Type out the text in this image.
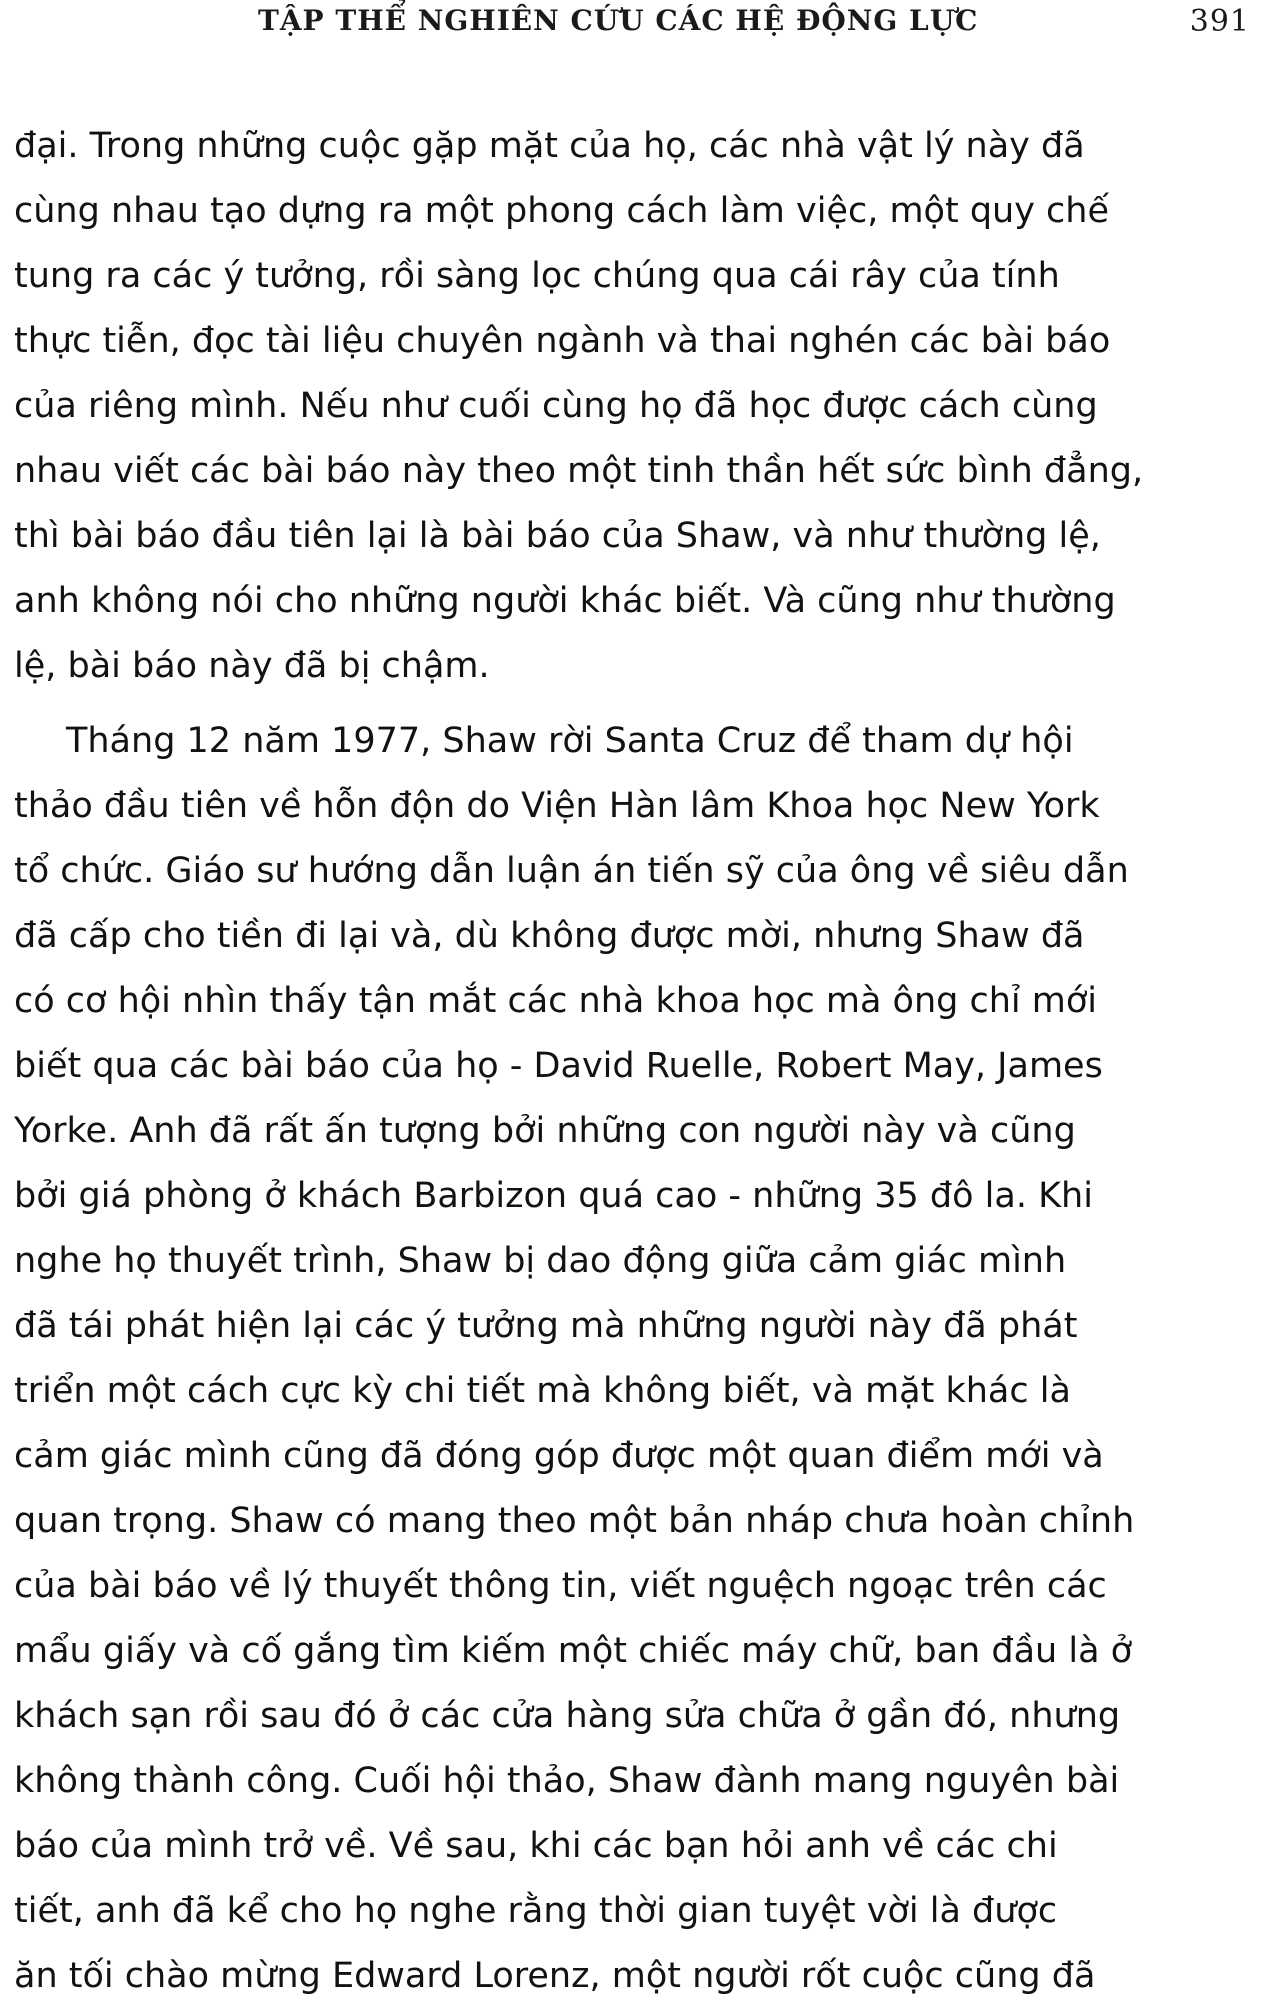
TẬP THỂ NGHIÊN CỨU CÁC HỆ ĐỘNG LỰC	391
đại. Trong những cuộc gặp mặt của họ, các nhà vật lý này đã
cùng nhau tạo dựng ra một phong cách làm việc, một quy chế
tung ra các ý tưởng, rồi sàng lọc chúng qua cái rây của tính
thực tiễn, đọc tài liệu chuyên ngành và thai nghén các bài báo
của riêng mình. Nếu như cuối cùng họ đã học được cách cùng
nhau viết các bài báo này theo một tinh thần hết sức bình đẳng,
thì bài báo đầu tiên lại là bài báo của Shaw, và như thường lệ,
anh không nói cho những người khác biết. Và cũng như thường
lệ, bài báo này đã bị chậm.
Tháng 12 năm 1977, Shaw rời Santa Cruz để tham dự hội
thảo đầu tiên về hỗn độn do Viện Hàn lâm Khoa học New York
tổ chức. Giáo sư hướng dẫn luận án tiến sỹ của ông về siêu dẫn
đã cấp cho tiền đi lại và, dù không được mời, nhưng Shaw đã
có cơ hội nhìn thấy tận mắt các nhà khoa học mà ông chỉ mới
biết qua các bài báo của họ - David Ruelle, Robert May, James
Yorke. Anh đã rất ấn tượng bởi những con người này và cũng
bởi giá phòng ở khách Barbizon quá cao - những 35 đô la. Khi
nghe họ thuyết trình, Shaw bị dao động giữa cảm giác mình
đã tái phát hiện lại các ý tưởng mà những người này đã phát
triển một cách cực kỳ chi tiết mà không biết, và mặt khác là
cảm giác mình cũng đã đóng góp được một quan điểm mới và
quan trọng. Shaw có mang theo một bản nháp chưa hoàn chỉnh
của bài báo về lý thuyết thông tin, viết nguệch ngoạc trên các
mẩu giấy và cố gắng tìm kiếm một chiếc máy chữ, ban đầu là ở
khách sạn rồi sau đó ở các cửa hàng sửa chữa ở gần đó, nhưng
không thành công. Cuối hội thảo, Shaw đành mang nguyên bài
báo của mình trở về. Về sau, khi các bạn hỏi anh về các chi
tiết, anh đã kể cho họ nghe rằng thời gian tuyệt vời là được
ăn tối chào mừng Edward Lorenz, một người rốt cuộc cũng đã
